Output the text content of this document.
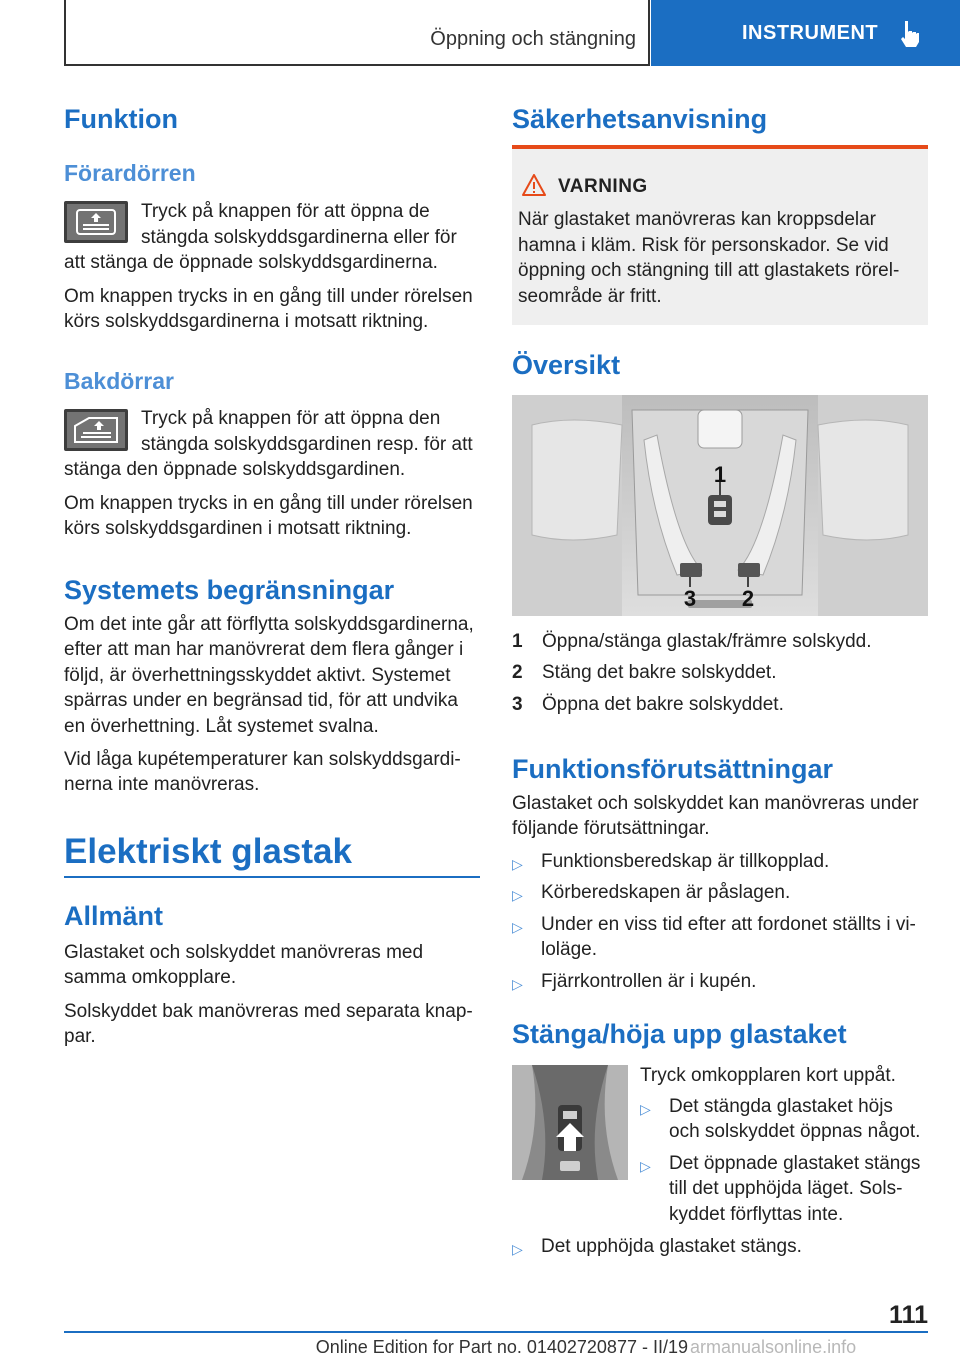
Öppning och stängning	INSTRUMENT
Funktion
Förardörren
Tryck på knappen för att öppna de
stängda solskyddsgardinerna eller för
att stänga de öppnade solskyddsgardinerna.
Om knappen trycks in en gång till under rörelsen
körs solskyddsgardinerna i motsatt riktning.
Bakdörrar
Tryck på knappen för att öppna den
stängda solskyddsgardinen resp. för att
stänga den öppnade solskyddsgardinen.
Om knappen trycks in en gång till under rörelsen
körs solskyddsgardinen i motsatt riktning.
Systemets begränsningar
Om det inte går att förflytta solskyddsgardinerna,
efter att man har manövrerat dem flera gånger i
följd, är överhettningsskyddet aktivt. Systemet
spärras under en begränsad tid, för att undvika
en överhettning. Låt systemet svalna.
Vid låga kupétemperaturer kan solskyddsgardi-
nerna inte manövreras.
Elektriskt glastak
Allmänt
Glastaket och solskyddet manövreras med
samma omkopplare.
Solskyddet bak manövreras med separata knap-
par.
Säkerhetsanvisning
VARNING
När glastaket manövreras kan kroppsdelar
hamna i kläm. Risk för personskador. Se vid
öppning och stängning till att glastakets rörel-
seområde är fritt.
Översikt
1
3 2
1 Öppna/stänga glastak/främre solskydd.
2 Stäng det bakre solskyddet.
3 Öppna det bakre solskyddet.
Funktionsförutsättningar
Glastaket och solskyddet kan manövreras under
följande förutsättningar.
▷ Funktionsberedskap är tillkopplad.
▷ Körberedskapen är påslagen.
▷ Under en viss tid efter att fordonet ställts i vi-
loläge.
▷ Fjärrkontrollen är i kupén.
Stänga/höja upp glastaket
Tryck omkopplaren kort uppåt.
▷ Det stängda glastaket höjs
och solskyddet öppnas något.
▷ Det öppnade glastaket stängs
till det upphöjda läget. Sols-
kyddet förflyttas inte.
▷ Det upphöjda glastaket stängs.
111
Online Edition for Part no. 01402720877 - II/19 armanualsonline.info
